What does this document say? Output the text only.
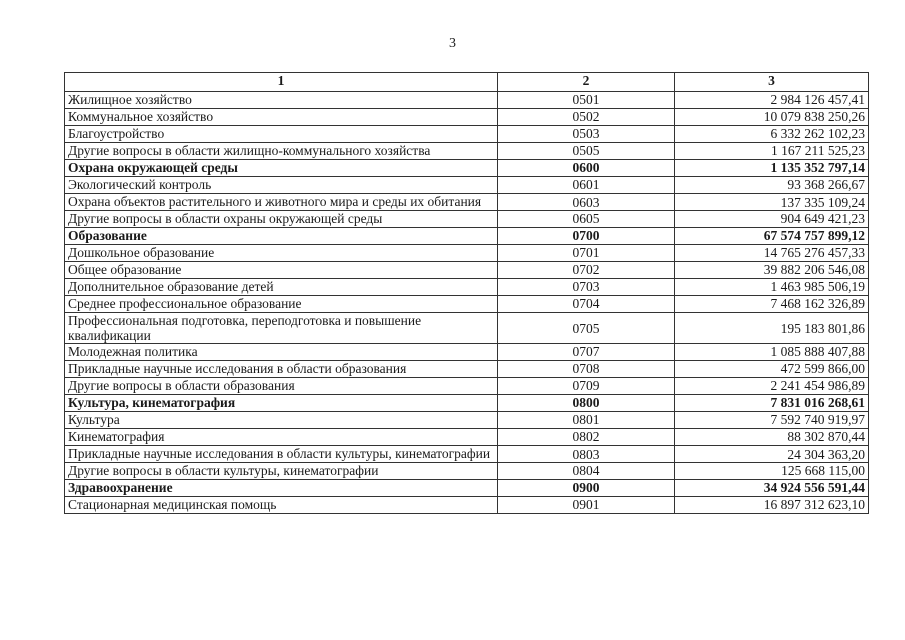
3
1	2	3
Жилищное хозяйство	0501	2 984 126 457,41
Коммунальное хозяйство	0502	10 079 838 250,26
Благоустройство	0503	6 332 262 102,23
Другие вопросы в области жилищно-коммунального хозяйства	0505	1 167 211 525,23
Охрана окружающей среды	0600	1 135 352 797,14
Экологический контроль	0601	93 368 266,67
Охрана объектов растительного и животного мира и среды их обитания	0603	137 335 109,24
Другие вопросы в области охраны окружающей среды	0605	904 649 421,23
Образование	0700	67 574 757 899,12
Дошкольное образование	0701	14 765 276 457,33
Общее образование	0702	39 882 206 546,08
Дополнительное образование детей	0703	1 463 985 506,19
Среднее профессиональное образование	0704	7 468 162 326,89
Профессиональная подготовка, переподготовка и повышение квалификации	0705	195 183 801,86
Молодежная политика	0707	1 085 888 407,88
Прикладные научные исследования в области образования	0708	472 599 866,00
Другие вопросы в области образования	0709	2 241 454 986,89
Культура, кинематография	0800	7 831 016 268,61
Культура	0801	7 592 740 919,97
Кинематография	0802	88 302 870,44
Прикладные научные исследования в области культуры, кинематографии	0803	24 304 363,20
Другие вопросы в области культуры, кинематографии	0804	125 668 115,00
Здравоохранение	0900	34 924 556 591,44
Стационарная медицинская помощь	0901	16 897 312 623,10
